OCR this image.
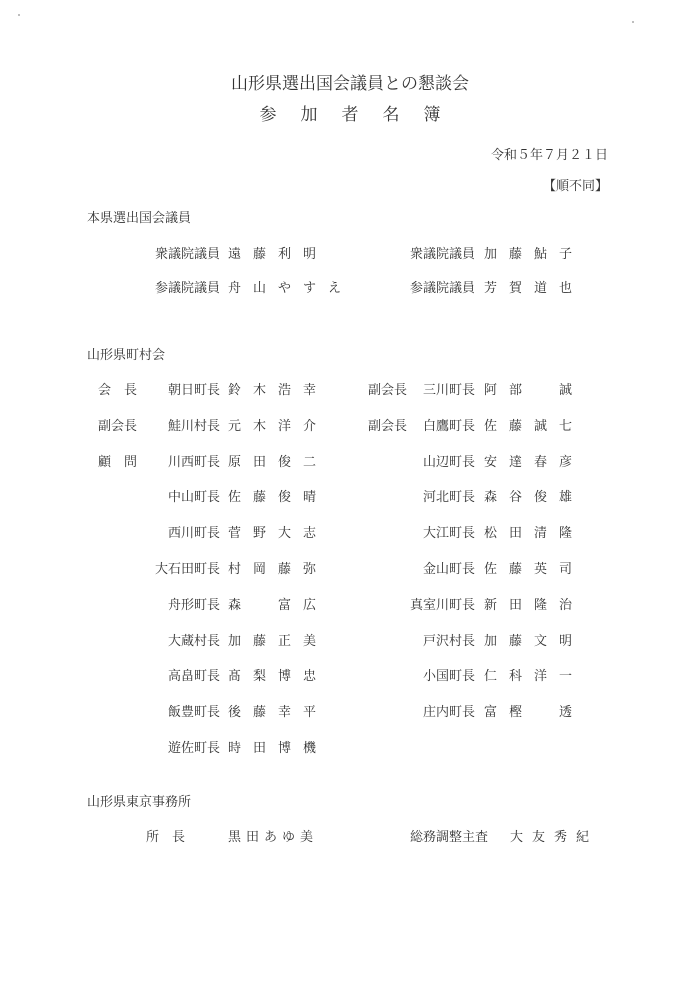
山形県選出国会議員との懇談会
参加者名簿
令和５年７月２１日
【順不同】
本県選出国会議員
衆議院議員 遠藤利明	衆議院議員 加藤鮎子
参議院議員 舟山やすえ	参議院議員 芳賀道也
山形県町村会
会　長 朝日町長 鈴木浩幸	副会長 三川町長 阿部　誠
副会長 鮭川村長 元木洋介	副会長 白鷹町長 佐藤誠七
顧　問 川西町長 原田俊二	山辺町長 安達春彦
中山町長 佐藤俊晴	河北町長 森谷俊雄
西川町長 菅野大志	大江町長 松田清隆
大石田町長 村岡藤弥	金山町長 佐藤英司
舟形町長 森　富広	真室川町長 新田隆治
大蔵村長 加藤正美	戸沢村長 加藤文明
高畠町長 髙梨博忠	小国町長 仁科洋一
飯豊町長 後藤幸平	庄内町長 富樫　透
遊佐町長 時田博機
山形県東京事務所
所　長	黒田あゆ美	総務調整主査 大友秀紀
